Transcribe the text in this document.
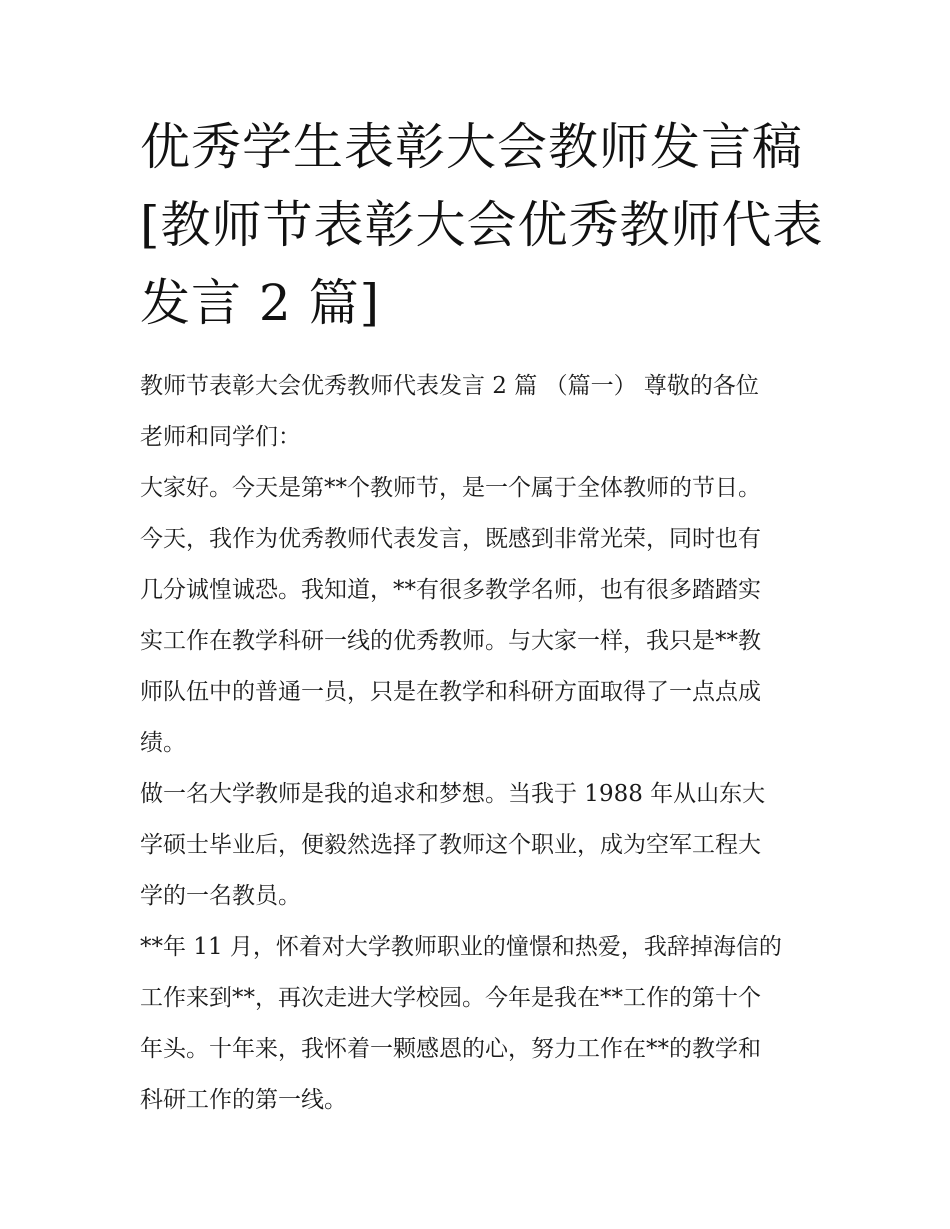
优秀学生表彰大会教师发言稿
[教师节表彰大会优秀教师代表
发言 2 篇]

教师节表彰大会优秀教师代表发言 2 篇 （篇一） 尊敬的各位
老师和同学们：

大家好。今天是第**个教师节，是一个属于全体教师的节日。
今天，我作为优秀教师代表发言，既感到非常光荣，同时也有
几分诚惶诚恐。我知道，**有很多教学名师，也有很多踏踏实
实工作在教学科研一线的优秀教师。与大家一样，我只是**教
师队伍中的普通一员，只是在教学和科研方面取得了一点点成
绩。

做一名大学教师是我的追求和梦想。当我于 1988 年从山东大
学硕士毕业后，便毅然选择了教师这个职业，成为空军工程大
学的一名教员。

**年 11 月，怀着对大学教师职业的憧憬和热爱，我辞掉海信的
工作来到**，再次走进大学校园。今年是我在**工作的第十个
年头。十年来，我怀着一颗感恩的心，努力工作在**的教学和
科研工作的第一线。
